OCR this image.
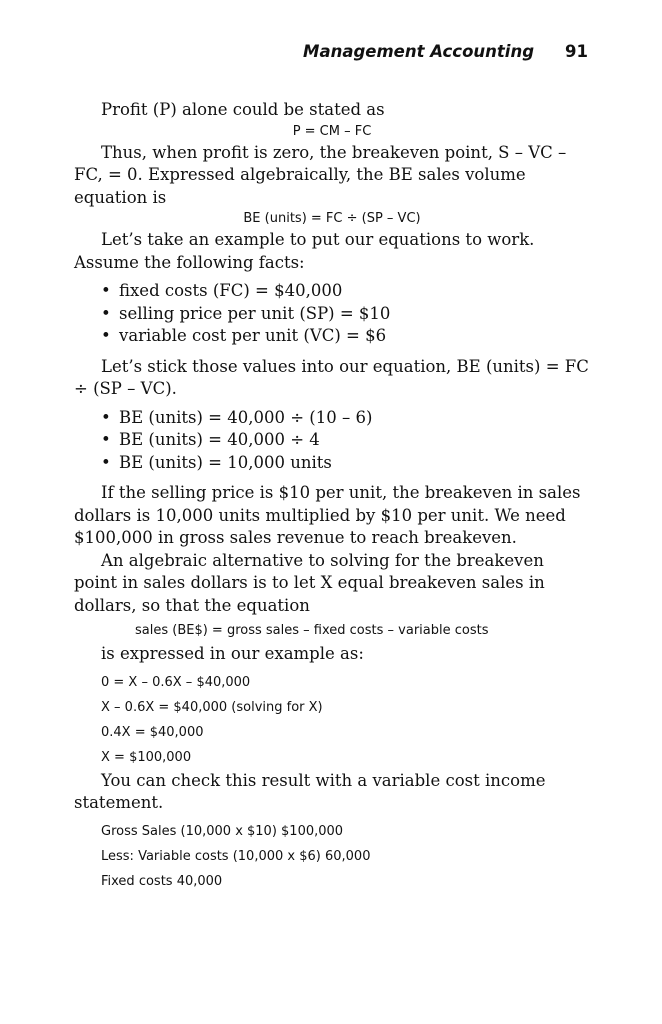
Management Accounting 91

Profit (P) alone could be stated as

P = CM – FC

Thus, when profit is zero, the breakeven point, S – VC – FC, = 0. Expressed algebraically, the BE sales volume equation is

BE (units) = FC ÷ (SP – VC)

Let’s take an example to put our equations to work. Assume the following facts:

• fixed costs (FC) = $40,000
• selling price per unit (SP) = $10
• variable cost per unit (VC) = $6

Let’s stick those values into our equation, BE (units) = FC ÷ (SP – VC).

• BE (units) = 40,000 ÷ (10 – 6)
• BE (units) = 40,000 ÷ 4
• BE (units) = 10,000 units

If the selling price is $10 per unit, the breakeven in sales dollars is 10,000 units multiplied by $10 per unit. We need $100,000 in gross sales revenue to reach breakeven.

An algebraic alternative to solving for the breakeven point in sales dollars is to let X equal breakeven sales in dollars, so that the equation

sales (BE$) = gross sales – fixed costs – variable costs

is expressed in our example as:

0 = X – 0.6X – $40,000
X – 0.6X = $40,000 (solving for X)
0.4X = $40,000
X = $100,000

You can check this result with a variable cost income statement.

Gross Sales (10,000 x $10) $100,000
Less: Variable costs (10,000 x $6) 60,000
Fixed costs 40,000
